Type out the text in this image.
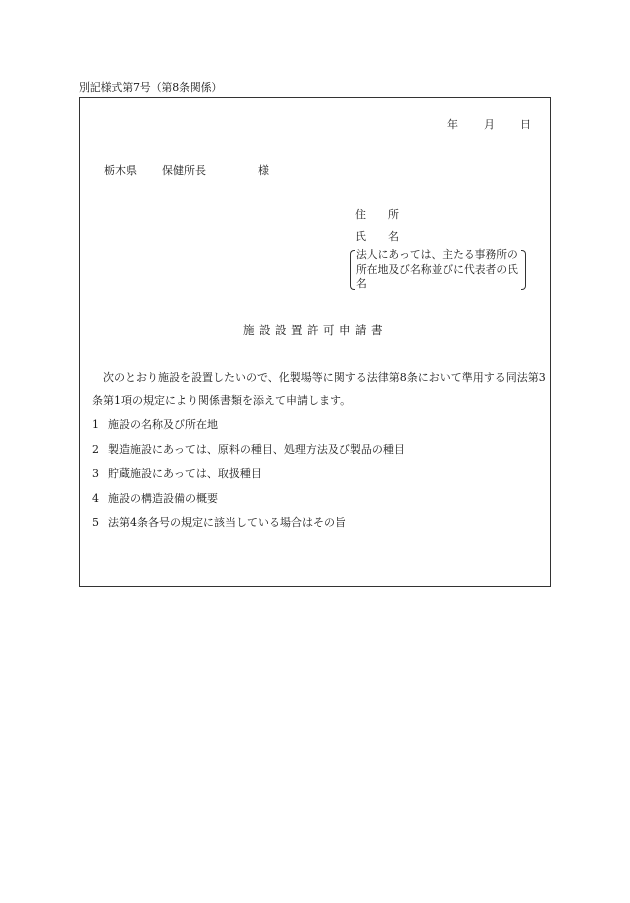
別記様式第7号（第8条関係）
年 月 日
栃木県 保健所長	様
住 所
氏 名
法人にあっては、主たる事務所の所在地及び名称並びに代表者の氏名
施設設置許可申請書
次のとおり施設を設置したいので、化製場等に関する法律第8条において準用する同法第3条第1項の規定により関係書類を添えて申請します。
1 施設の名称及び所在地
2 製造施設にあっては、原料の種目、処理方法及び製品の種目
3 貯蔵施設にあっては、取扱種目
4 施設の構造設備の概要
5 法第4条各号の規定に該当している場合はその旨
